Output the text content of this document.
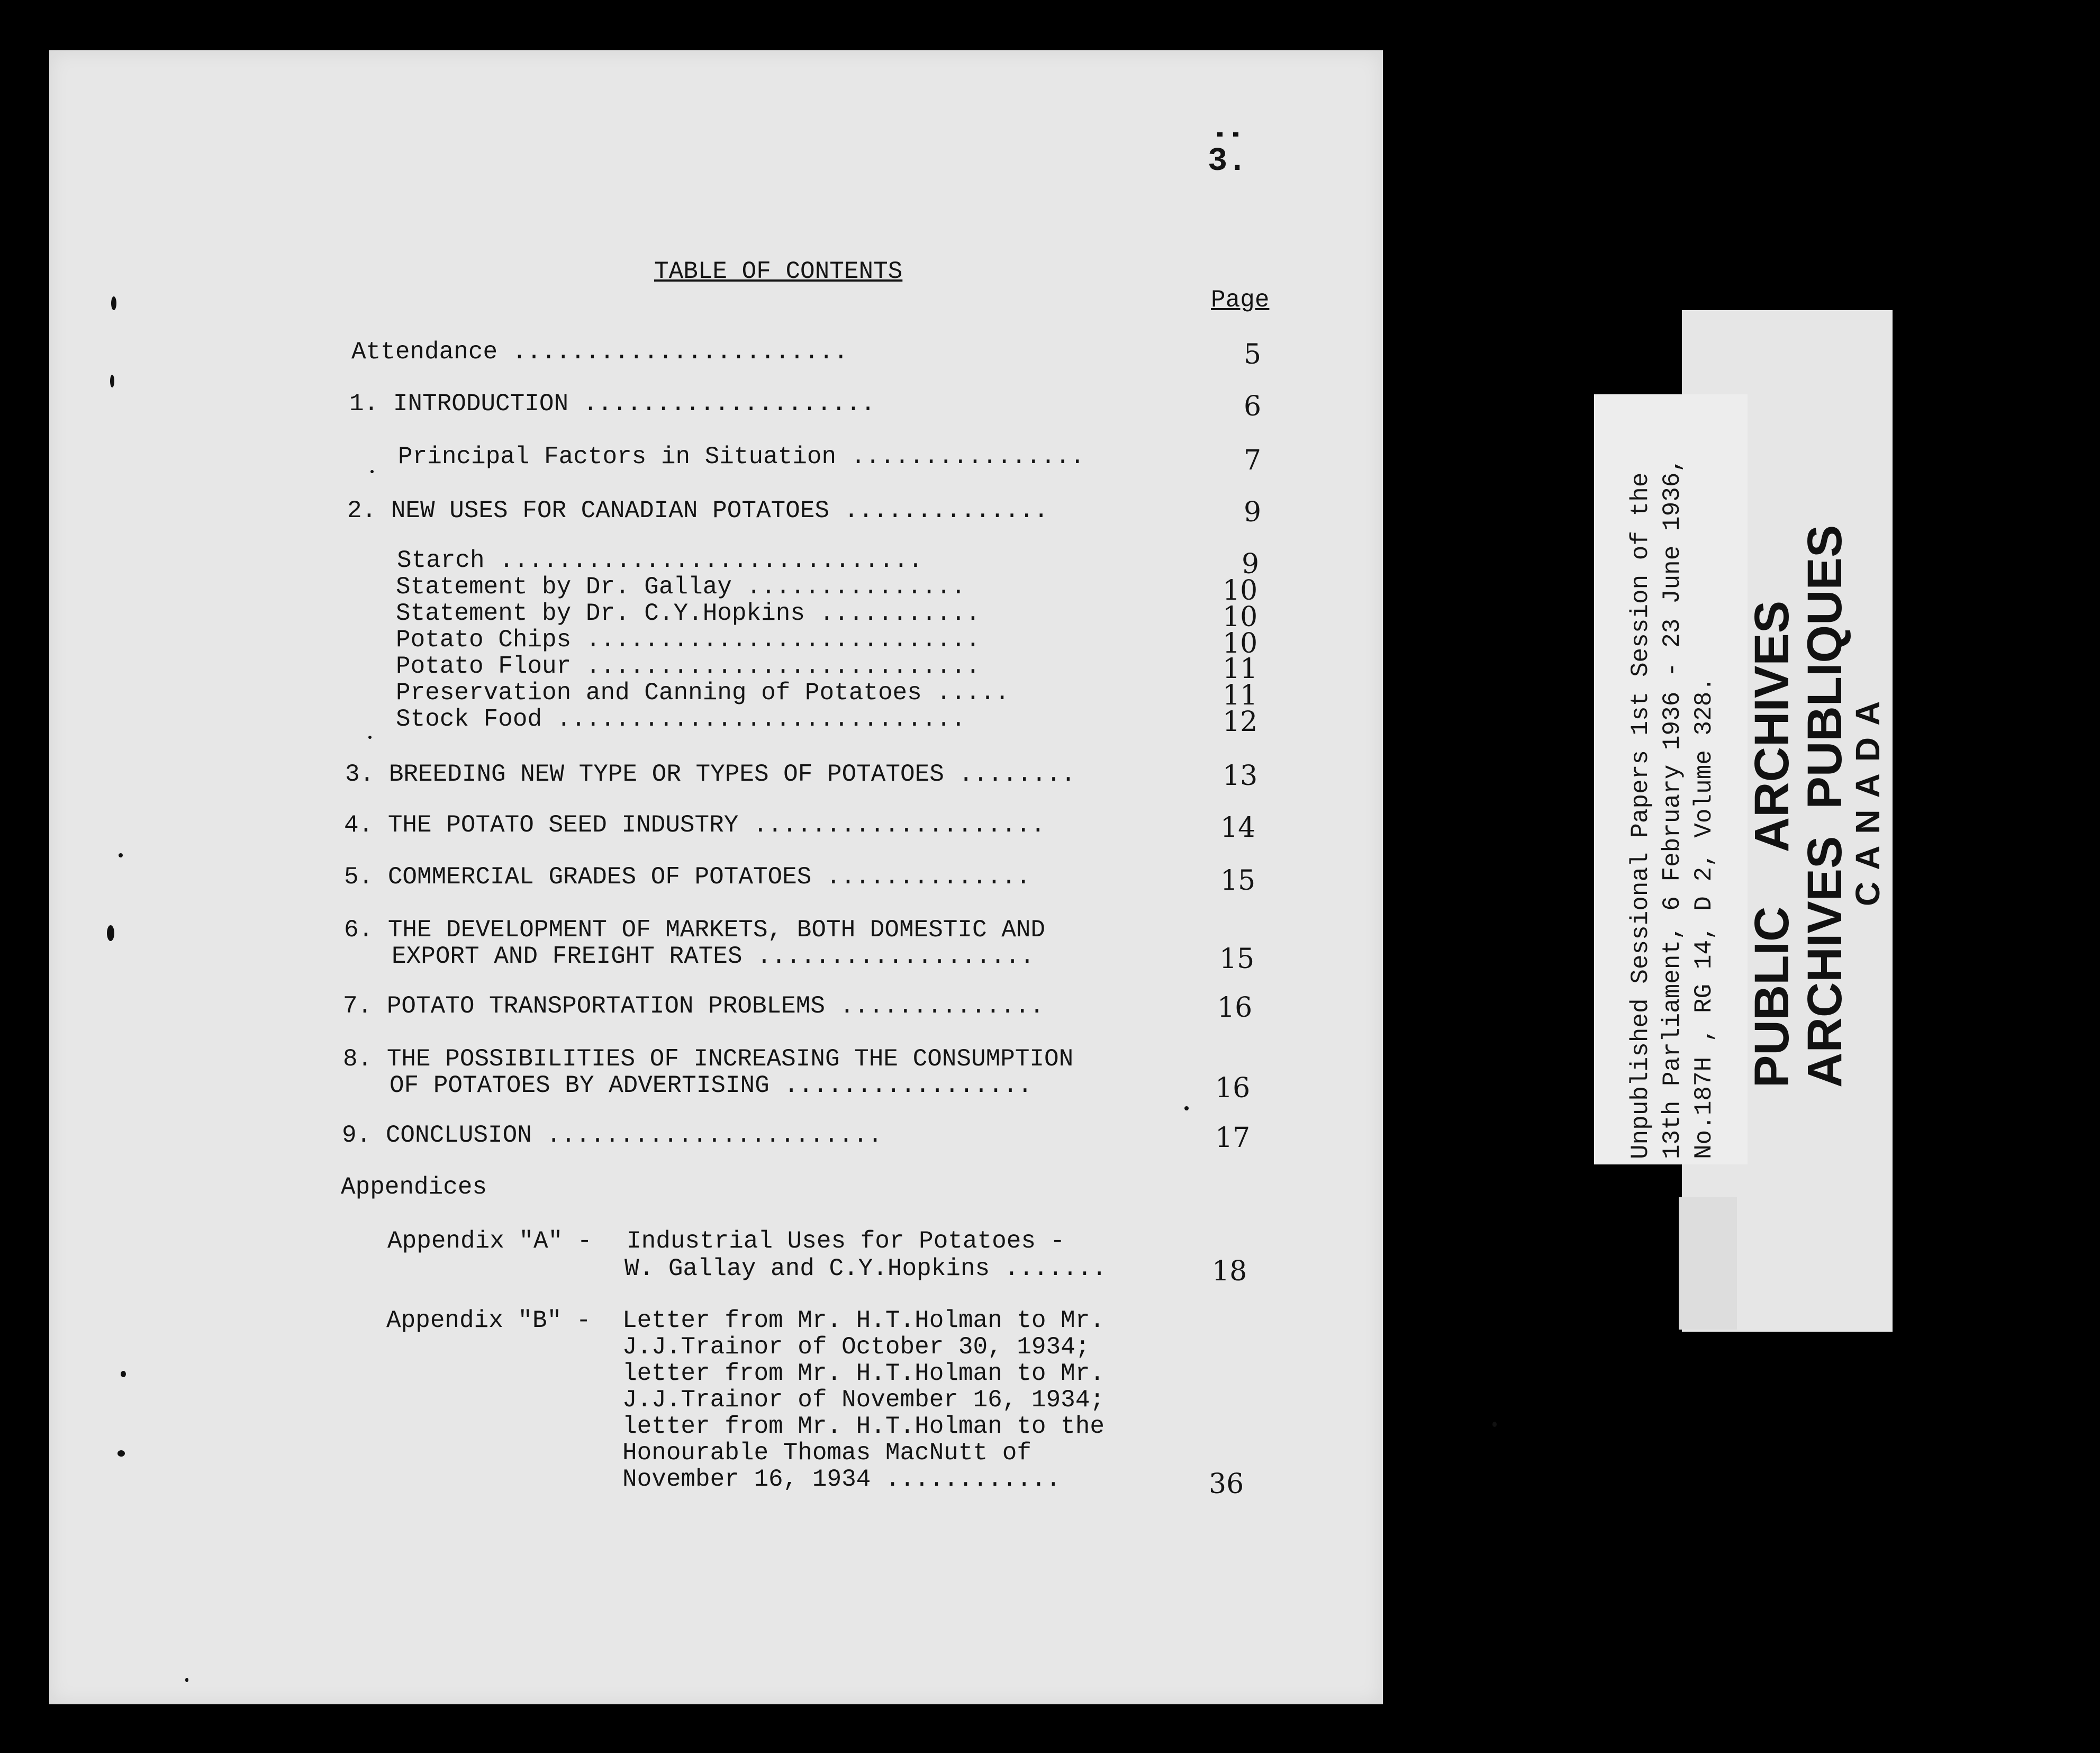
3.
TABLE OF CONTENTS
Page
Attendance .......................	5
1. INTRODUCTION ....................	6
Principal Factors in Situation ................	7
2. NEW USES FOR CANADIAN POTATOES ..............	9
Starch .............................	9
Statement by Dr. Gallay ...............	10
Statement by Dr. C.Y.Hopkins ...........	10
Potato Chips ...........................	10
Potato Flour ...........................	11
Preservation and Canning of Potatoes .....	11
Stock Food ............................	12
3. BREEDING NEW TYPE OR TYPES OF POTATOES ........	13
4. THE POTATO SEED INDUSTRY ....................	14
5. COMMERCIAL GRADES OF POTATOES ..............	15
6. THE DEVELOPMENT OF MARKETS, BOTH DOMESTIC AND
EXPORT AND FREIGHT RATES ...................	15
7. POTATO TRANSPORTATION PROBLEMS ..............	16
8. THE POSSIBILITIES OF INCREASING THE CONSUMPTION
OF POTATOES BY ADVERTISING .................	16
9. CONCLUSION .......................	17
Appendices
Appendix "A" - Industrial Uses for Potatoes -
W. Gallay and C.Y.Hopkins .......	18
Appendix "B" - Letter from Mr. H.T.Holman to Mr.
J.J.Trainor of October 30, 1934;
letter from Mr. H.T.Holman to Mr.
J.J.Trainor of November 16, 1934;
letter from Mr. H.T.Holman to the
Honourable Thomas MacNutt of
November 16, 1934 ............	36
Unpublished Sessional Papers 1st Session of the 13th Parliament, 6 February 1936 - 23 June 1936, No.187H , RG 14, D 2, Volume 328. PUBLIC    ARCHIVES
ARCHIVES  PUBLIQUES
CANADA
